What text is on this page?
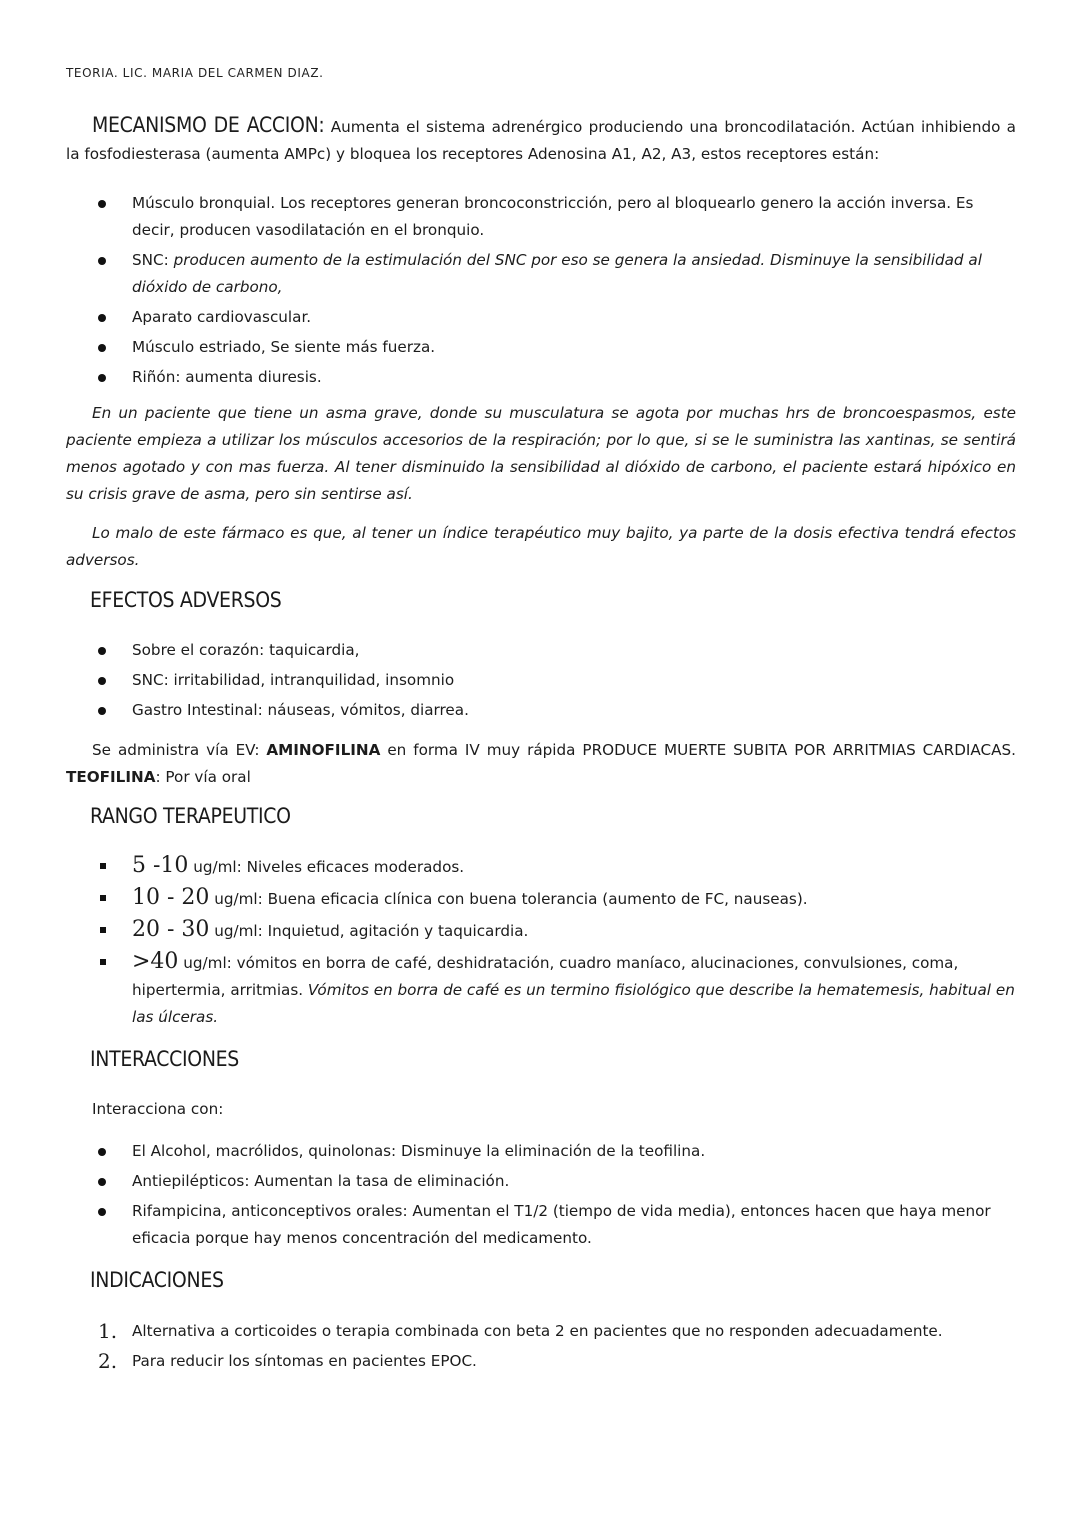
TEORIA. LIC. MARIA DEL CARMEN DIAZ.
MECANISMO DE ACCION: Aumenta el sistema adrenérgico produciendo una broncodilatación. Actúan inhibiendo a la fosfodiesterasa (aumenta AMPc) y bloquea los receptores Adenosina A1, A2, A3, estos receptores están:
Músculo bronquial. Los receptores generan broncoconstricción, pero al bloquearlo genero la acción inversa. Es decir, producen vasodilatación en el bronquio.
SNC: producen aumento de la estimulación del SNC por eso se genera la ansiedad. Disminuye la sensibilidad al dióxido de carbono,
Aparato cardiovascular.
Músculo estriado, Se siente más fuerza.
Riñón: aumenta diuresis.
En un paciente que tiene un asma grave, donde su musculatura se agota por muchas hrs de broncoespasmos, este paciente empieza a utilizar los músculos accesorios de la respiración; por lo que, si se le suministra las xantinas, se sentirá menos agotado y con mas fuerza. Al tener disminuido la sensibilidad al dióxido de carbono, el paciente estará hipóxico en su crisis grave de asma, pero sin sentirse así.
Lo malo de este fármaco es que, al tener un índice terapéutico muy bajito, ya parte de la dosis efectiva tendrá efectos adversos.
EFECTOS ADVERSOS
Sobre el corazón: taquicardia,
SNC: irritabilidad, intranquilidad, insomnio
Gastro Intestinal: náuseas, vómitos, diarrea.
Se administra vía EV: AMINOFILINA en forma IV muy rápida PRODUCE MUERTE SUBITA POR ARRITMIAS CARDIACAS. TEOFILINA: Por vía oral
RANGO TERAPEUTICO
5 -10 ug/ml: Niveles eficaces moderados.
10 - 20 ug/ml: Buena eficacia clínica con buena tolerancia (aumento de FC, nauseas).
20 - 30 ug/ml: Inquietud, agitación y taquicardia.
>40 ug/ml: vómitos en borra de café, deshidratación, cuadro maníaco, alucinaciones, convulsiones, coma, hipertermia, arritmias. Vómitos en borra de café es un termino fisiológico que describe la hematemesis, habitual en las úlceras.
INTERACCIONES
Interacciona con:
El Alcohol, macrólidos, quinolonas: Disminuye la eliminación de la teofilina.
Antiepilépticos: Aumentan la tasa de eliminación.
Rifampicina, anticonceptivos orales: Aumentan el T1/2 (tiempo de vida media), entonces hacen que haya menor eficacia porque hay menos concentración del medicamento.
INDICACIONES
1. Alternativa a corticoides o terapia combinada con beta 2 en pacientes que no responden adecuadamente.
2. Para reducir los síntomas en pacientes EPOC.
